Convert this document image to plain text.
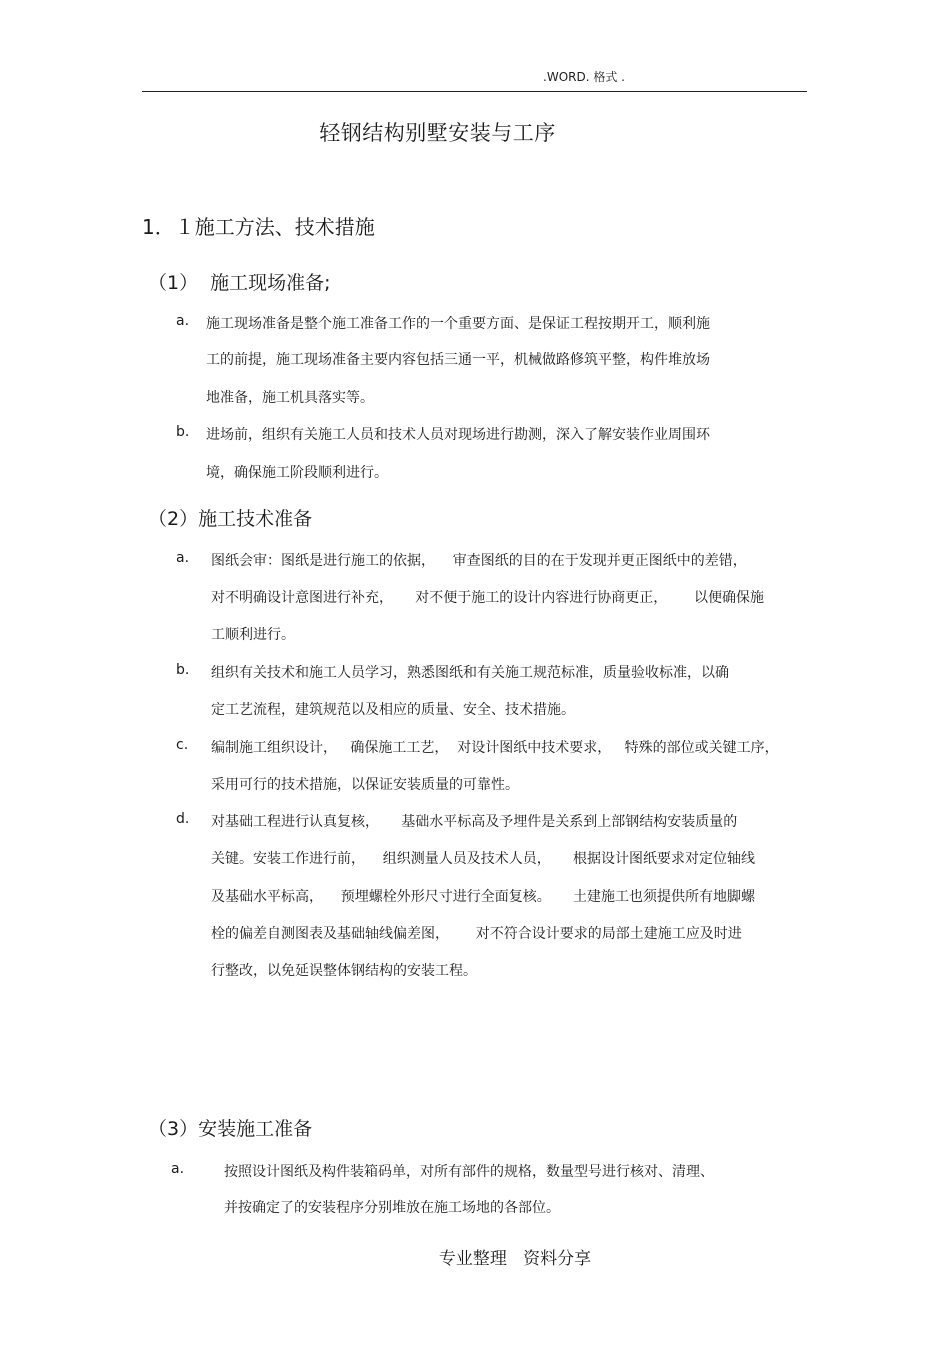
.WORD. 格式 .
轻钢结构别墅安装与工序
1．１施工方法、技术措施
（1）  施工现场准备;
a. 施工现场准备是整个施工准备工作的一个重要方面、是保证工程按期开工，顺利施
工的前提，施工现场准备主要内容包括三通一平，机械做路修筑平整，构件堆放场
地准备，施工机具落实等。
b. 进场前，组织有关施工人员和技术人员对现场进行勘测，深入了解安装作业周围环
境，确保施工阶段顺利进行。
（2）施工技术准备
a. 图纸会审：图纸是进行施工的依据，    审查图纸的目的在于发现并更正图纸中的差错，
对不明确设计意图进行补充，     对不便于施工的设计内容进行协商更正，      以便确保施
工顺利进行。
b. 组织有关技术和施工人员学习，熟悉图纸和有关施工规范标准，质量验收标准，以确
定工艺流程，建筑规范以及相应的质量、安全、技术措施。
c. 编制施工组织设计，   确保施工工艺，  对设计图纸中技术要求，   特殊的部位或关键工序，
采用可行的技术措施，以保证安装质量的可靠性。
d. 对基础工程进行认真复核，     基础水平标高及予埋件是关系到上部钢结构安装质量的
关键。安装工作进行前，    组织测量人员及技术人员，     根据设计图纸要求对定位轴线
及基础水平标高，    预埋螺栓外形尺寸进行全面复核。     土建施工也须提供所有地脚螺
栓的偏差自测图表及基础轴线偏差图，      对不符合设计要求的局部土建施工应及时进
行整改，以免延误整体钢结构的安装工程。
（3）安装施工准备
a.	按照设计图纸及构件装箱码单，对所有部件的规格，数量型号进行核对、清理、
并按确定了的安装程序分别堆放在施工场地的各部位。
专业整理   资料分享
